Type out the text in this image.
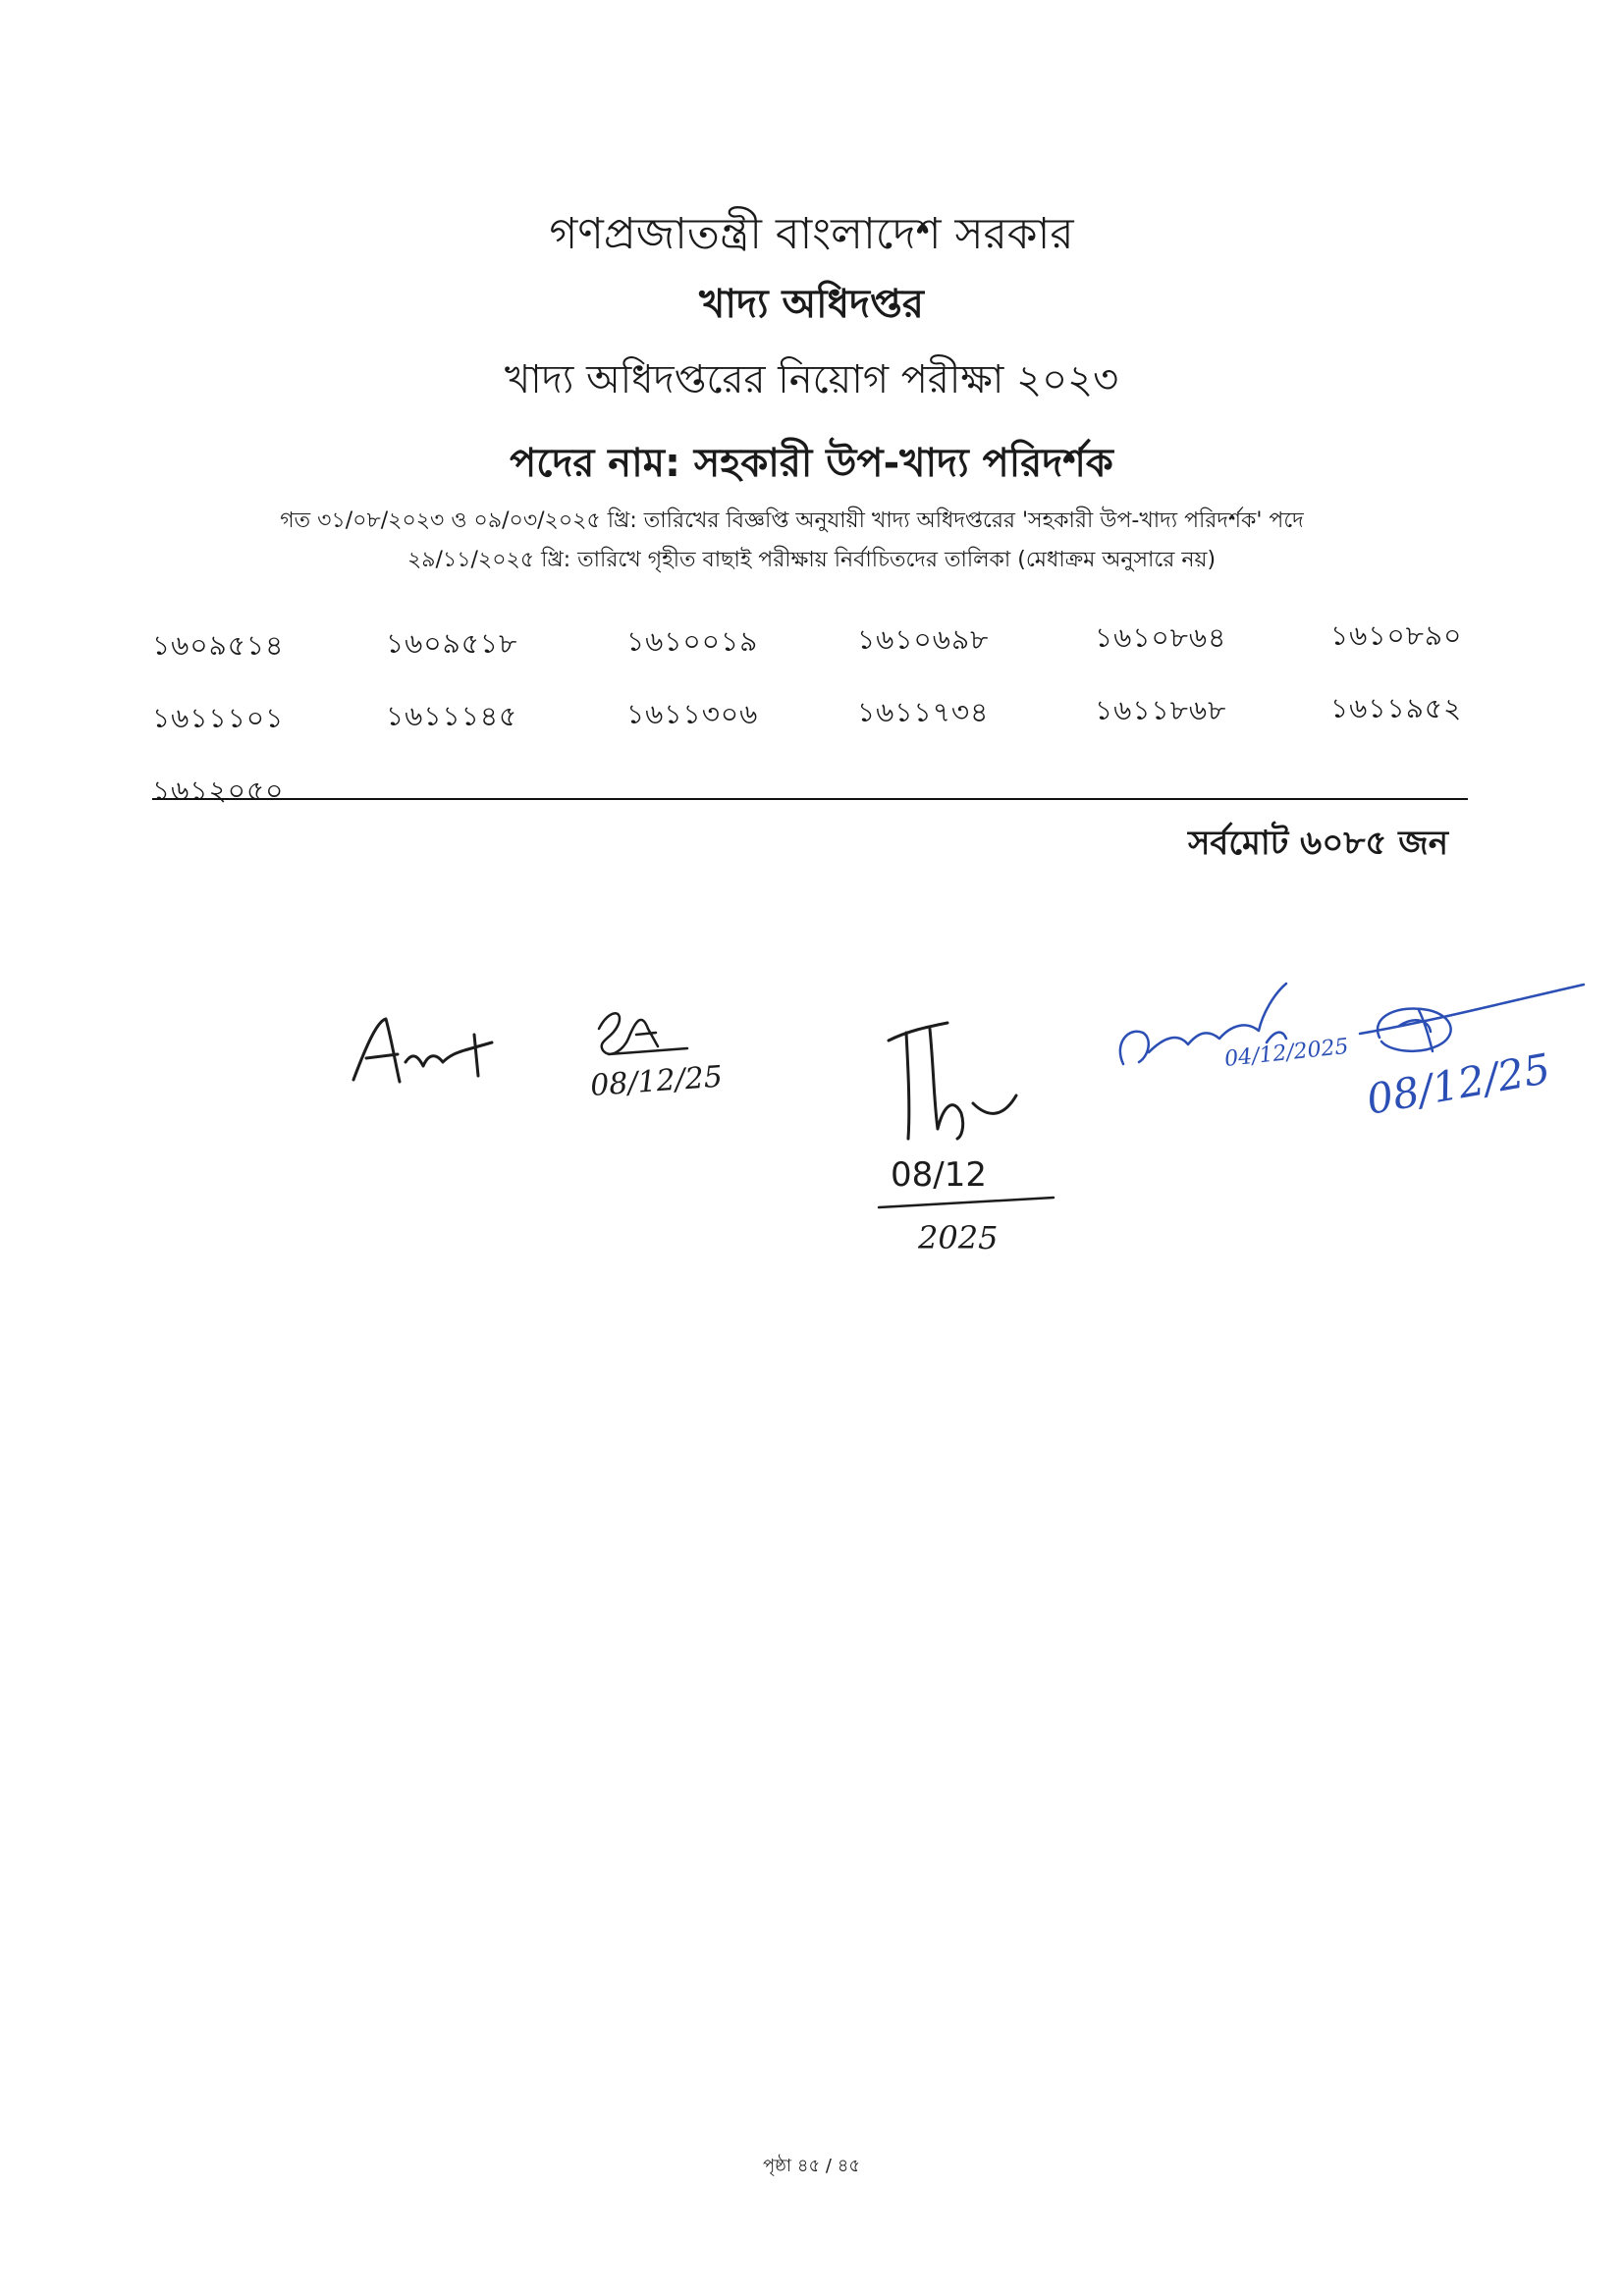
গণপ্রজাতন্ত্রী বাংলাদেশ সরকার
খাদ্য অধিদপ্তর
খাদ্য অধিদপ্তরের নিয়োগ পরীক্ষা ২০২৩
পদের নাম: সহকারী উপ-খাদ্য পরিদর্শক
গত ৩১/০৮/২০২৩ ও ০৯/০৩/২০২৫ খ্রি: তারিখের বিজ্ঞপ্তি অনুযায়ী খাদ্য অধিদপ্তরের 'সহকারী উপ-খাদ্য পরিদর্শক' পদে
২৯/১১/২০২৫ খ্রি: তারিখে গৃহীত বাছাই পরীক্ষায় নির্বাচিতদের তালিকা (মেধাক্রম অনুসারে নয়)
১৬০৯৫১৪	১৬০৯৫১৮	১৬১০০১৯	১৬১০৬৯৮	১৬১০৮৬৪	১৬১০৮৯০
১৬১১১০১	১৬১১১৪৫	১৬১১৩০৬	১৬১১৭৩৪	১৬১১৮৬৮	১৬১১৯৫২
১৬১২০৫০
সর্বমোট ৬০৮৫ জন
08/12/25
08/12
2025
04/12/2025 08/12/25
পৃষ্ঠা ৪৫ / ৪৫
